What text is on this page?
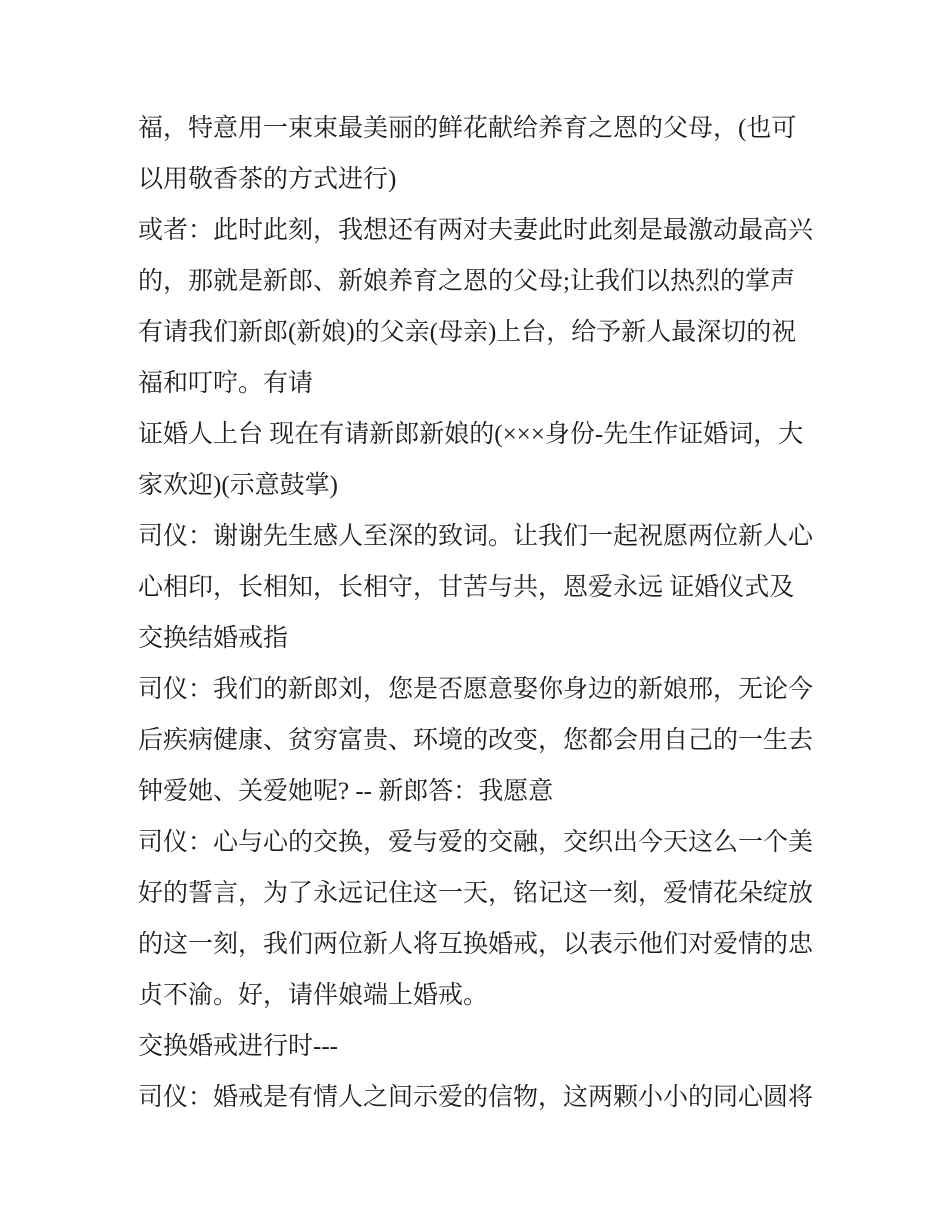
福，特意用一束束最美丽的鲜花献给养育之恩的父母，(也可
以用敬香茶的方式进行)
或者：此时此刻，我想还有两对夫妻此时此刻是最激动最高兴
的，那就是新郎、新娘养育之恩的父母;让我们以热烈的掌声
有请我们新郎(新娘)的父亲(母亲)上台，给予新人最深切的祝
福和叮咛。有请
证婚人上台 现在有请新郎新娘的(×××身份-先生作证婚词，大
家欢迎)(示意鼓掌)
司仪：谢谢先生感人至深的致词。让我们一起祝愿两位新人心
心相印，长相知，长相守，甘苦与共，恩爱永远 证婚仪式及
交换结婚戒指
司仪：我们的新郎刘，您是否愿意娶你身边的新娘邢，无论今
后疾病健康、贫穷富贵、环境的改变，您都会用自己的一生去
钟爱她、关爱她呢? -- 新郎答：我愿意
司仪：心与心的交换，爱与爱的交融，交织出今天这么一个美
好的誓言，为了永远记住这一天，铭记这一刻，爱情花朵绽放
的这一刻，我们两位新人将互换婚戒，以表示他们对爱情的忠
贞不渝。好，请伴娘端上婚戒。
交换婚戒进行时---
司仪：婚戒是有情人之间示爱的信物，这两颗小小的同心圆将
